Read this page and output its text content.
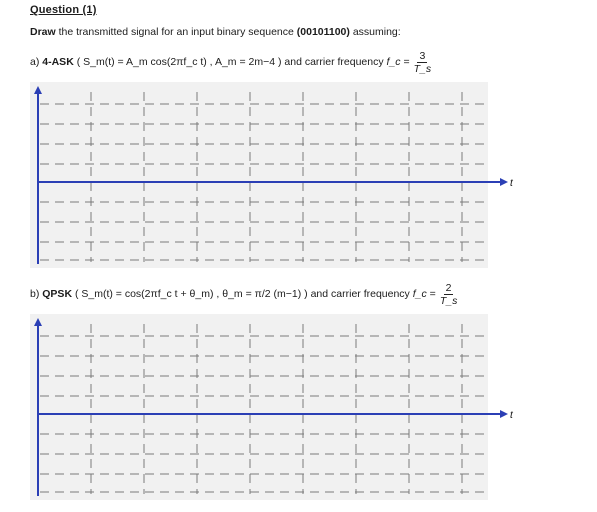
Question (1)
Draw the transmitted signal for an input binary sequence (00101100) assuming:
a)
4-ASK
( S_m(t) = A_m cos(2πf_c t) , A_m = 2m−4 )
and carrier frequency
f_c = $\frac{3}{T\_s}$
t
b)
QPSK
( S_m(t) = cos(2πf_c t + θ_m) , θ_m = π/2 (m−1) )
and carrier frequency
f_c = $\frac{2}{T\_s}$
t
